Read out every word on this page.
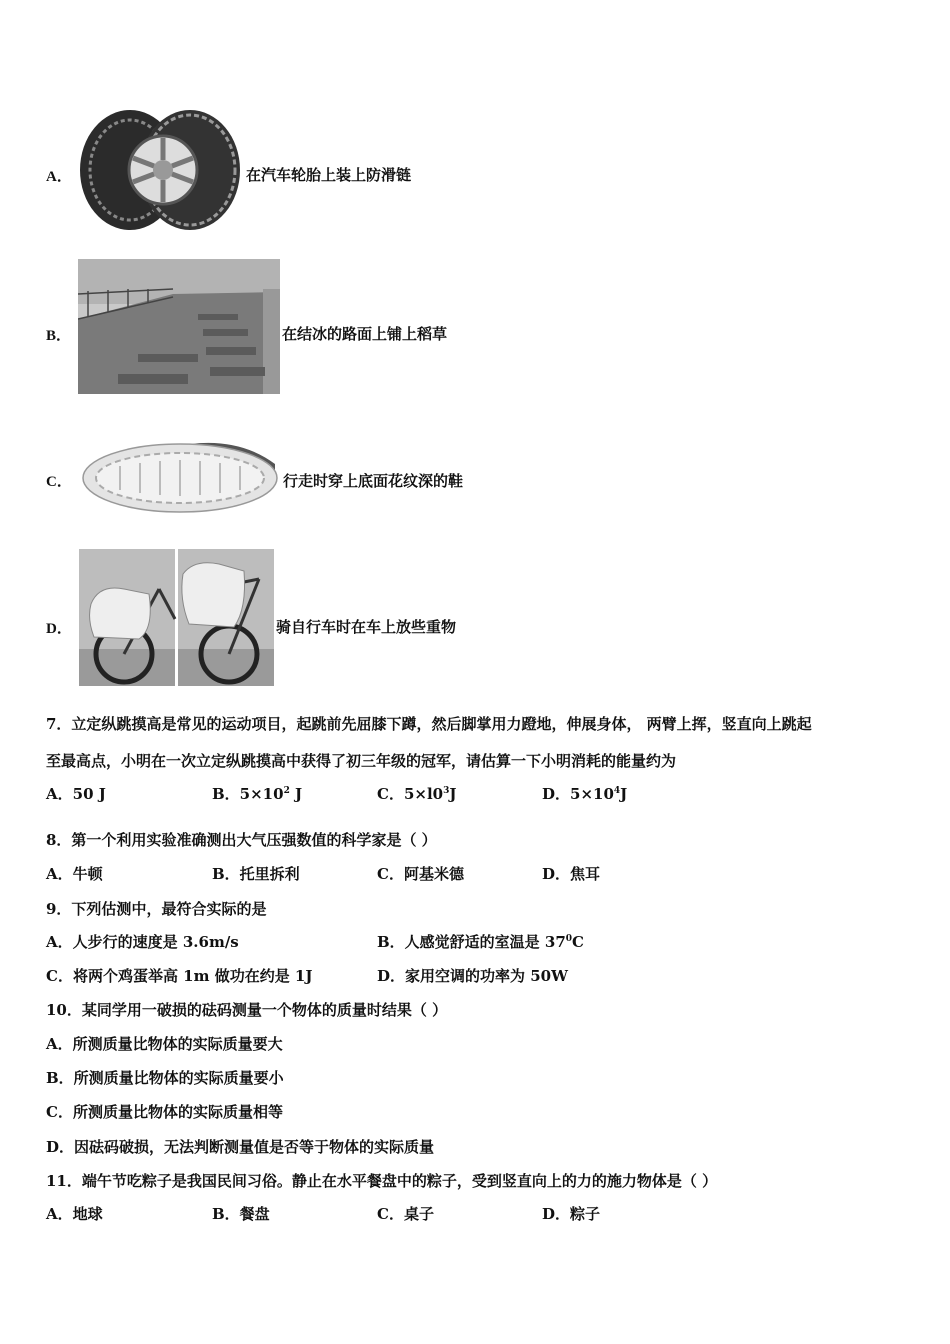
A．	在汽车轮胎上装上防滑链
B．	在结冰的路面上铺上稻草
C．	行走时穿上底面花纹深的鞋
D．	骑自行车时在车上放些重物
7．立定纵跳摸高是常见的运动项目，起跳前先屈膝下蹲，然后脚掌用力蹬地，伸展身体， 两臂上挥，竖直向上跳起
至最高点，小明在一次立定纵跳摸高中获得了初三年级的冠军，请估算一下小明消耗的能量约为
A．50 J	B．$5\times 10^2$ J	C．$5\times l0^3J$	D．$5\times 10^4J$
8．第一个利用实验准确测出大气压强数值的科学家是（ ）
A．牛顿	B．托里拆利	C．阿基米德	D．焦耳
9．下列估测中，最符合实际的是
A．人步行的速度是 3.6m/s	B．人感觉舒适的室温是 $37^0C$
C．将两个鸡蛋举高 1m 做功在约是 1J	D．家用空调的功率为 50W
10．某同学用一破损的砝码测量一个物体的质量时结果（ ）
A．所测质量比物体的实际质量要大
B．所测质量比物体的实际质量要小
C．所测质量比物体的实际质量相等
D．因砝码破损，无法判断测量值是否等于物体的实际质量
11．端午节吃粽子是我国民间习俗。静止在水平餐盘中的粽子，受到竖直向上的力的施力物体是（ ）
A．地球	B．餐盘	C．桌子	D．粽子
